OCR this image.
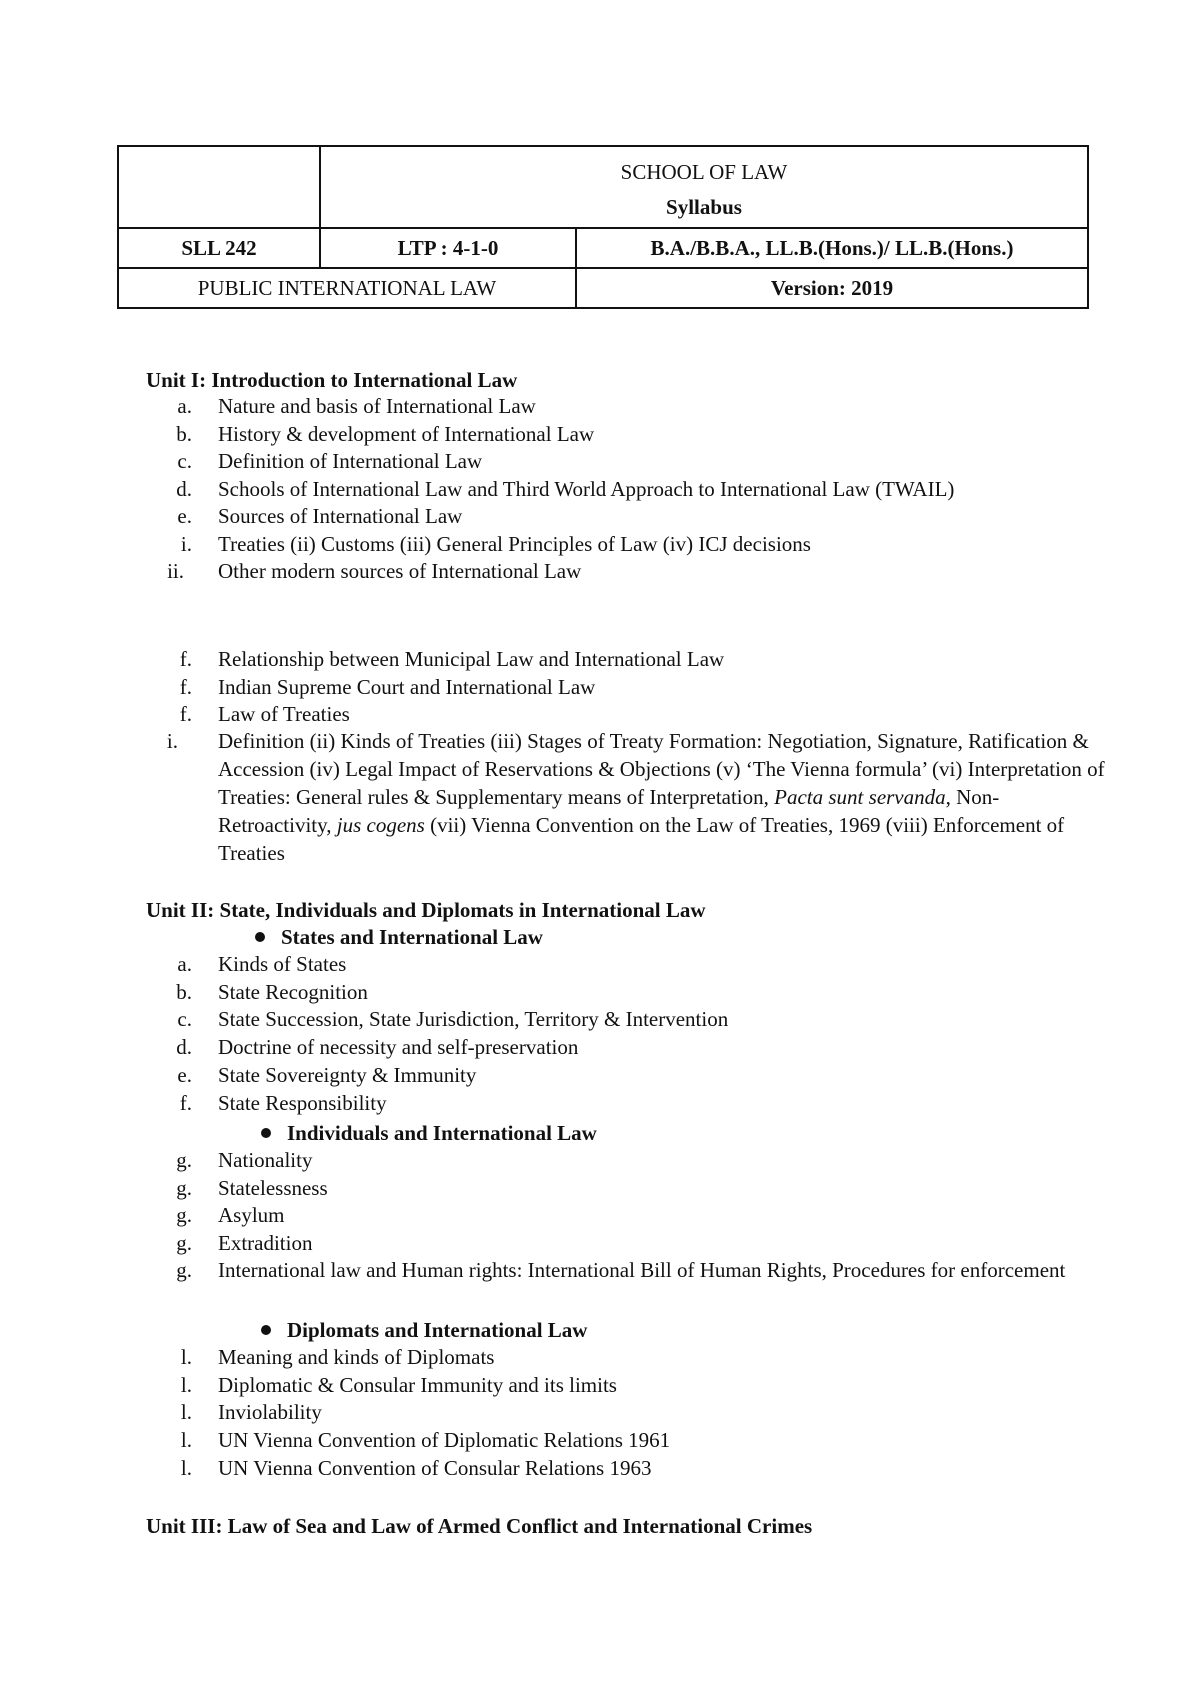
	SCHOOL OF LAW
Syllabus	

SLL 242	LTP : 4-1-0	B.A./B.B.A., LL.B.(Hons.)/ LL.B.(Hons.)
PUBLIC INTERNATIONAL LAW		Version: 2019
Unit I: Introduction to International Law
a. Nature and basis of International Law
b. History & development of International Law
c. Definition of International Law
d. Schools of International Law and Third World Approach to International Law (TWAIL)
e. Sources of International Law
i. Treaties (ii) Customs (iii) General Principles of Law (iv) ICJ decisions
ii. Other modern sources of International Law
f. Relationship between Municipal Law and International Law
f. Indian Supreme Court and International Law
f. Law of Treaties
i. Definition (ii) Kinds of Treaties (iii) Stages of Treaty Formation: Negotiation, Signature, Ratification & Accession (iv) Legal Impact of Reservations & Objections (v) ‘The Vienna formula’ (vi) Interpretation of Treaties: General rules & Supplementary means of Interpretation, Pacta sunt servanda, Non- Retroactivity, jus cogens (vii) Vienna Convention on the Law of Treaties, 1969 (viii) Enforcement of Treaties
Unit II: State, Individuals and Diplomats in International Law
States and International Law
a. Kinds of States
b. State Recognition
c. State Succession, State Jurisdiction, Territory & Intervention
d. Doctrine of necessity and self-preservation
e. State Sovereignty & Immunity
f. State Responsibility
Individuals and International Law
g. Nationality
g. Statelessness
g. Asylum
g. Extradition
g. International law and Human rights: International Bill of Human Rights, Procedures for enforcement
Diplomats and International Law
l. Meaning and kinds of Diplomats
l. Diplomatic & Consular Immunity and its limits
l. Inviolability
l. UN Vienna Convention of Diplomatic Relations 1961
l. UN Vienna Convention of Consular Relations 1963
Unit III: Law of Sea and Law of Armed Conflict and International Crimes
